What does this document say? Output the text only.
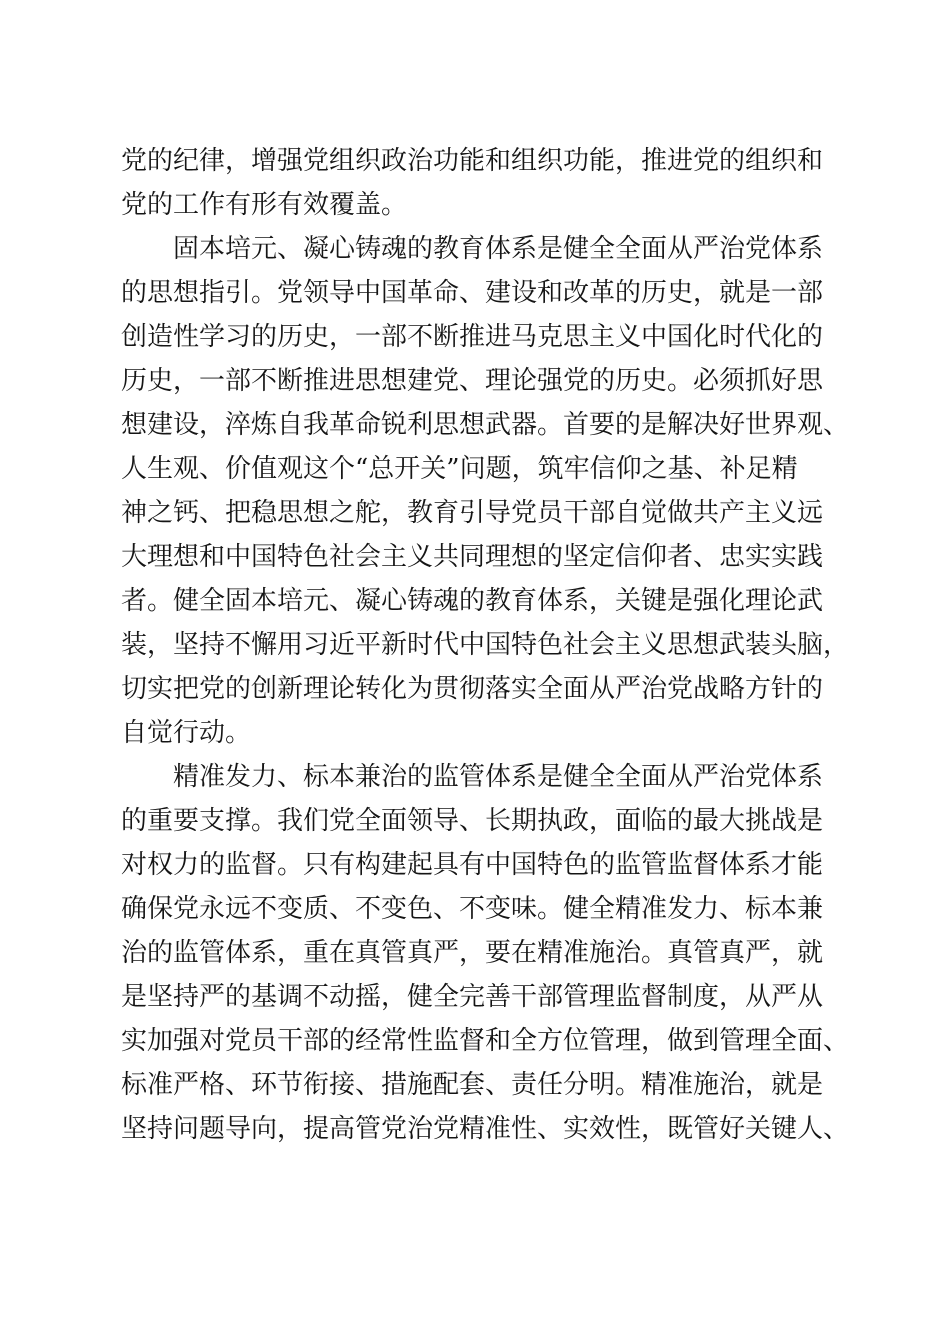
党的纪律，增强党组织政治功能和组织功能，推进党的组织和
党的工作有形有效覆盖。
固本培元、凝心铸魂的教育体系是健全全面从严治党体系
的思想指引。党领导中国革命、建设和改革的历史，就是一部
创造性学习的历史，一部不断推进马克思主义中国化时代化的
历史，一部不断推进思想建党、理论强党的历史。必须抓好思
想建设，淬炼自我革命锐利思想武器。首要的是解决好世界观、
人生观、价值观这个“总开关”问题，筑牢信仰之基、补足精
神之钙、把稳思想之舵，教育引导党员干部自觉做共产主义远
大理想和中国特色社会主义共同理想的坚定信仰者、忠实实践
者。健全固本培元、凝心铸魂的教育体系，关键是强化理论武
装，坚持不懈用习近平新时代中国特色社会主义思想武装头脑，
切实把党的创新理论转化为贯彻落实全面从严治党战略方针的
自觉行动。
精准发力、标本兼治的监管体系是健全全面从严治党体系
的重要支撑。我们党全面领导、长期执政，面临的最大挑战是
对权力的监督。只有构建起具有中国特色的监管监督体系才能
确保党永远不变质、不变色、不变味。健全精准发力、标本兼
治的监管体系，重在真管真严，要在精准施治。真管真严，就
是坚持严的基调不动摇，健全完善干部管理监督制度，从严从
实加强对党员干部的经常性监督和全方位管理，做到管理全面、
标准严格、环节衔接、措施配套、责任分明。精准施治，就是
坚持问题导向，提高管党治党精准性、实效性，既管好关键人、
